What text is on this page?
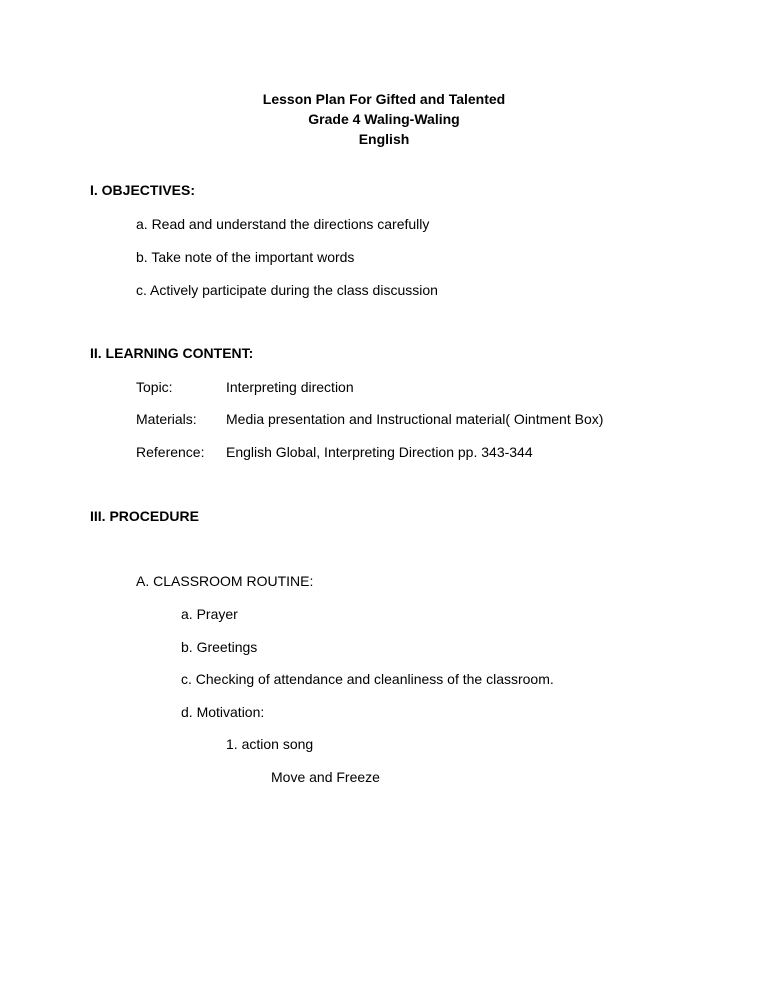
Lesson Plan For Gifted and Talented
Grade 4 Waling-Waling
English
I. OBJECTIVES:
a. Read and understand the directions carefully
b. Take note of the important words
c. Actively participate during the class discussion
II. LEARNING CONTENT:
Topic:	Interpreting direction
Materials: Media presentation and Instructional material( Ointment Box)
Reference: English Global, Interpreting Direction pp. 343-344
III. PROCEDURE
A. CLASSROOM ROUTINE:
a. Prayer
b. Greetings
c. Checking of attendance and cleanliness of the classroom.
d. Motivation:
1. action song
Move and Freeze
